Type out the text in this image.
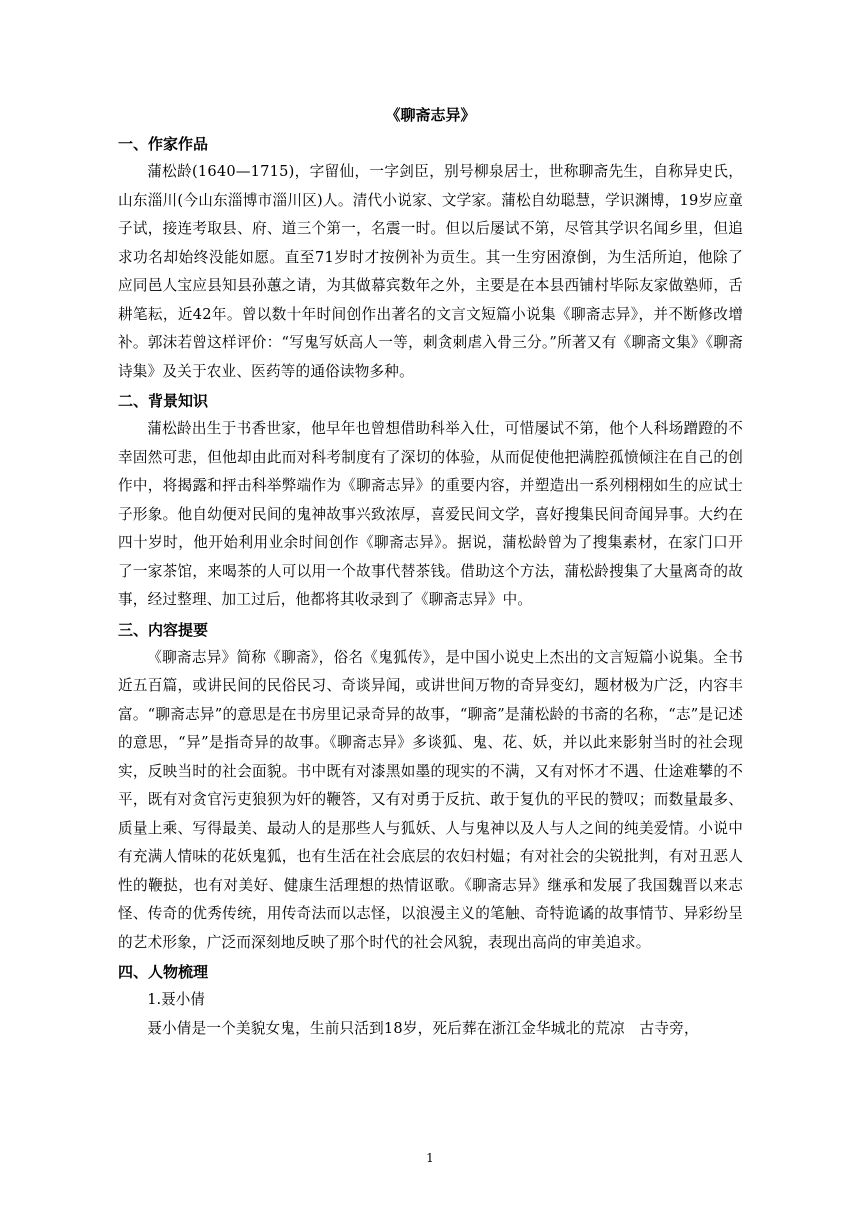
《聊斋志异》
一、作家作品

蒲松龄(1640—1715)，字留仙，一字剑臣，别号柳泉居士，世称聊斋先生，自称异史氏，山东淄川(今山东淄博市淄川区)人。清代小说家、文学家。蒲松自幼聪慧，学识渊博，19岁应童子试，接连考取县、府、道三个第一，名震一时。但以后屡试不第，尽管其学识名闻乡里，但追求功名却始终没能如愿。直至71岁时才按例补为贡生。其一生穷困潦倒，为生活所迫，他除了应同邑人宝应县知县孙蕙之请，为其做幕宾数年之外，主要是在本县西铺村毕际友家做塾师，舌耕笔耘，近42年。曾以数十年时间创作出著名的文言文短篇小说集《聊斋志异》，并不断修改增补。郭沫若曾这样评价：“写鬼写妖高人一等，刺贪刺虐入骨三分。”所著又有《聊斋文集》《聊斋诗集》及关于农业、医药等的通俗读物多种。

二、背景知识

蒲松龄出生于书香世家，他早年也曾想借助科举入仕，可惜屡试不第，他个人科场蹭蹬的不幸固然可悲，但他却由此而对科考制度有了深切的体验，从而促使他把满腔孤愤倾注在自己的创作中，将揭露和抨击科举弊端作为《聊斋志异》的重要内容，并塑造出一系列栩栩如生的应试士子形象。他自幼便对民间的鬼神故事兴致浓厚，喜爱民间文学，喜好搜集民间奇闻异事。大约在四十岁时，他开始利用业余时间创作《聊斋志异》。据说，蒲松龄曾为了搜集素材，在家门口开了一家茶馆，来喝茶的人可以用一个故事代替茶钱。借助这个方法，蒲松龄搜集了大量离奇的故事，经过整理、加工过后，他都将其收录到了《聊斋志异》中。

三、内容提要

《聊斋志异》简称《聊斋》，俗名《鬼狐传》，是中国小说史上杰出的文言短篇小说集。全书近五百篇，或讲民间的民俗民习、奇谈异闻，或讲世间万物的奇异变幻，题材极为广泛，内容丰富。“聊斋志异”的意思是在书房里记录奇异的故事，“聊斋”是蒲松龄的书斋的名称，“志”是记述的意思，“异”是指奇异的故事。《聊斋志异》多谈狐、鬼、花、妖，并以此来影射当时的社会现实，反映当时的社会面貌。书中既有对漆黑如墨的现实的不满，又有对怀才不遇、仕途难攀的不平，既有对贪官污吏狼狈为奸的鞭答，又有对勇于反抗、敢于复仇的平民的赞叹；而数量最多、质量上乘、写得最美、最动人的是那些人与狐妖、人与鬼神以及人与人之间的纯美爱情。小说中有充满人情味的花妖鬼狐，也有生活在社会底层的农妇村媪；有对社会的尖锐批判，有对丑恶人性的鞭挞，也有对美好、健康生活理想的热情讴歌。《聊斋志异》继承和发展了我国魏晋以来志怪、传奇的优秀传统，用传奇法而以志怪，以浪漫主义的笔触、奇特诡谲的故事情节、异彩纷呈的艺术形象，广泛而深刻地反映了那个时代的社会风貌，表现出高尚的审美追求。

四、人物梳理
1.聂小倩

聂小倩是一个美貌女鬼，生前只活到18岁，死后葬在浙江金华城北的荒凉　古寺旁，

1
